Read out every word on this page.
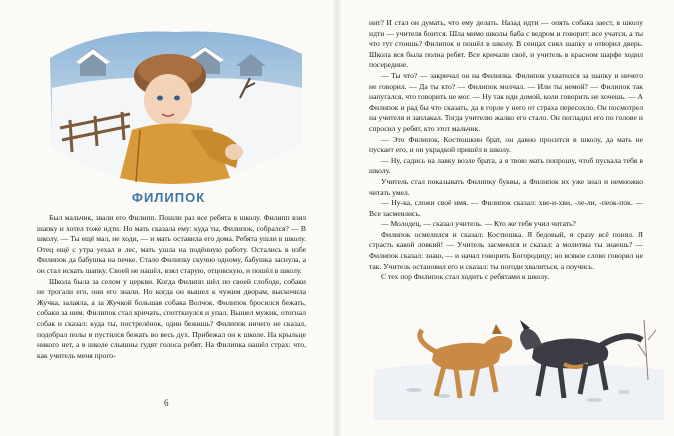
ФИЛИПОК

Был мальчик, звали его Филипп. Пошли раз все ребята в школу. Филипп взял шапку и хотел тоже идти. Но мать сказала ему: куда ты, Филипок, собрался? — В школу. — Ты ещё мал, не ходи, — и мать оставила его дома. Ребята ушли в школу. Отец ещё с утра уехал в лес, мать ушла на подённую работу. Остались в избе Филипок да бабушка на печке. Стало Филипку скучно одному, бабушка заснула, а он стал искать шапку. Своей не нашёл, взял старую, отцовскую, и пошёл в школу.

Школа была за селом у церкви. Когда Филипп шёл по своей слободе, собаки не трогали его, они его знали. Но когда он вышел к чужим дворам, выскочила Жучка, залаяла, а за Жучкой большая собака Волчок. Филипок бросился бежать, собаки за ним. Филипок стал кричать, спотткнулся и упал. Вышел мужик, отогнал собак и сказал: куда ты, пострелёнок, один бежишь? Филипок ничего не сказал, подобрал полы и пустился бежать во весь дух. Прибежал он к школе. На крыльце никого нет, а в школе слышны гудят голоса ребят. На Филипка нашёл страх: что, как учитель меня прого-

6

нит? И стал он думать, что ему делать. Назад идти — опять собака заест, в школу идти — учителя боится. Шла мимо школы баба с ведром и говорит: все учатся, а ты что тут стоишь? Филипок и пошёл в школу. В сенцах снял шапку и отворил дверь. Школа вся была полна ребят. Все кричали своё, и учитель в красном шарфе ходил посередине.

— Ты что? — закричал он на Филипка. Филипок ухватился за шапку и ничего не говорил. — Да ты кто? — Филипок молчал. — Или ты немой? — Филипок так напугался, что говорить не мог. — Ну так иди домой, коли говорить не хочешь. — А Филипок и рад бы что сказать, да в горле у него от страха пересохло. Он посмотрел на учителя и заплакал. Тогда учителю жалко его стало. Он погладил его по голове и спросил у ребят, кто этот мальчик.

— Это Филипок, Костюшкин брат, он давно просится в школу, да мать не пускает его, и он украдкой пришёл в школу.

— Ну, садись на лавку возле брата, а я твою мать попрошу, чтоб пускала тебя в школу.

Учитель стал показывать Филипку буквы, а Филипок их уже знал и немножко читать умел.

— Ну-ка, сложи своё имя. — Филипок сказал: хве-и-хви, -ле-ли, -пеок-пок. — Все засмеялись.

— Молодец, — сказал учитель. — Кто же тебя учил читать?

Филипок осмелился и сказал: Костюшка. Я бедовый, я сразу всё понял. Я страсть какой ловкий! — Учитель засмеялся и сказал: а молитвы ты знаешь? — Филипок сказал: знаю, — и начал говорить Богородицу; но всякое слово говорил не так. Учитель остановил его и сказал: ты погоди хвалиться, а поучись.

С тех пор Филипок стал ходить с ребятами в школу.
